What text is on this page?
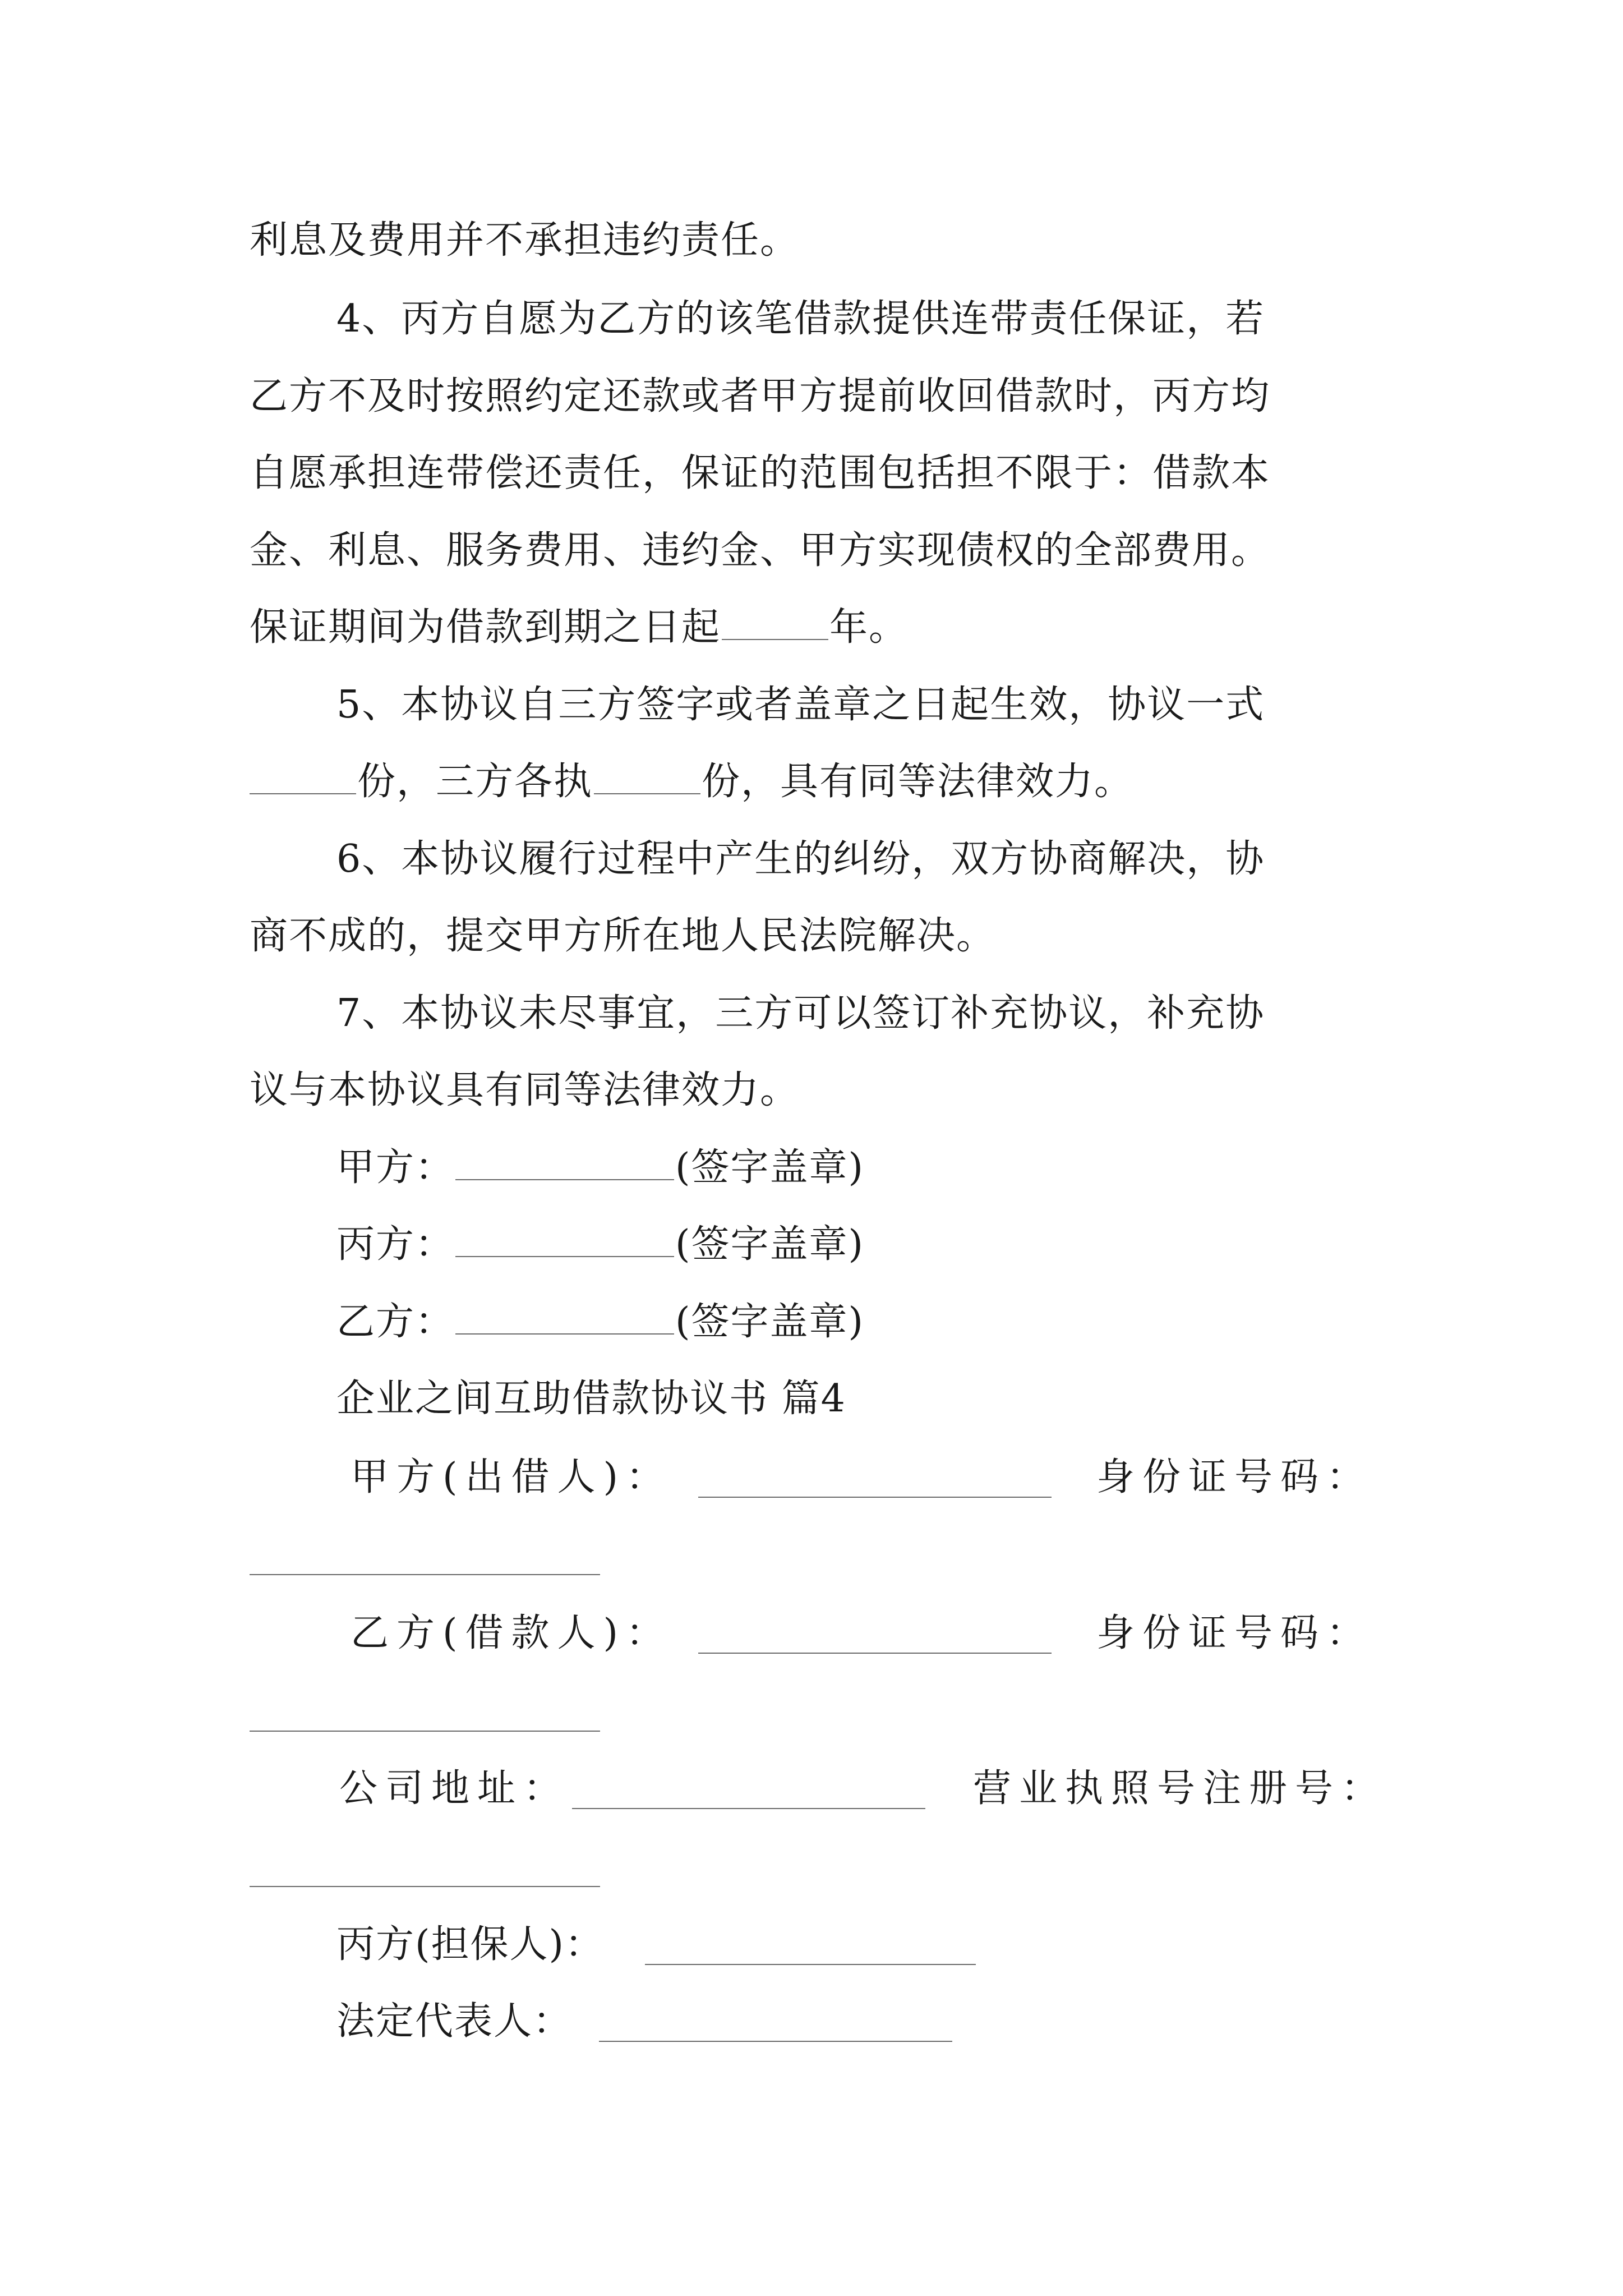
利息及费用并不承担违约责任。
4、丙方自愿为乙方的该笔借款提供连带责任保证，若
乙方不及时按照约定还款或者甲方提前收回借款时，丙方均
自愿承担连带偿还责任，保证的范围包括担不限于：借款本
金、利息、服务费用、违约金、甲方实现债权的全部费用。
保证期间为借款到期之日起	年。
5、本协议自三方签字或者盖章之日起生效，协议一式
份，三方各执	份，具有同等法律效力。
6、本协议履行过程中产生的纠纷，双方协商解决，协
商不成的，提交甲方所在地人民法院解决。
7、本协议未尽事宜，三方可以签订补充协议，补充协
议与本协议具有同等法律效力。
甲方：	(签字盖章)
丙方：	(签字盖章)
乙方：	(签字盖章)
企业之间互助借款协议书 篇4
甲方(出借人)：	身份证号码：
乙方(借款人)：	身份证号码：
公司地址：	营业执照号注册号：
丙方(担保人)：
法定代表人：
